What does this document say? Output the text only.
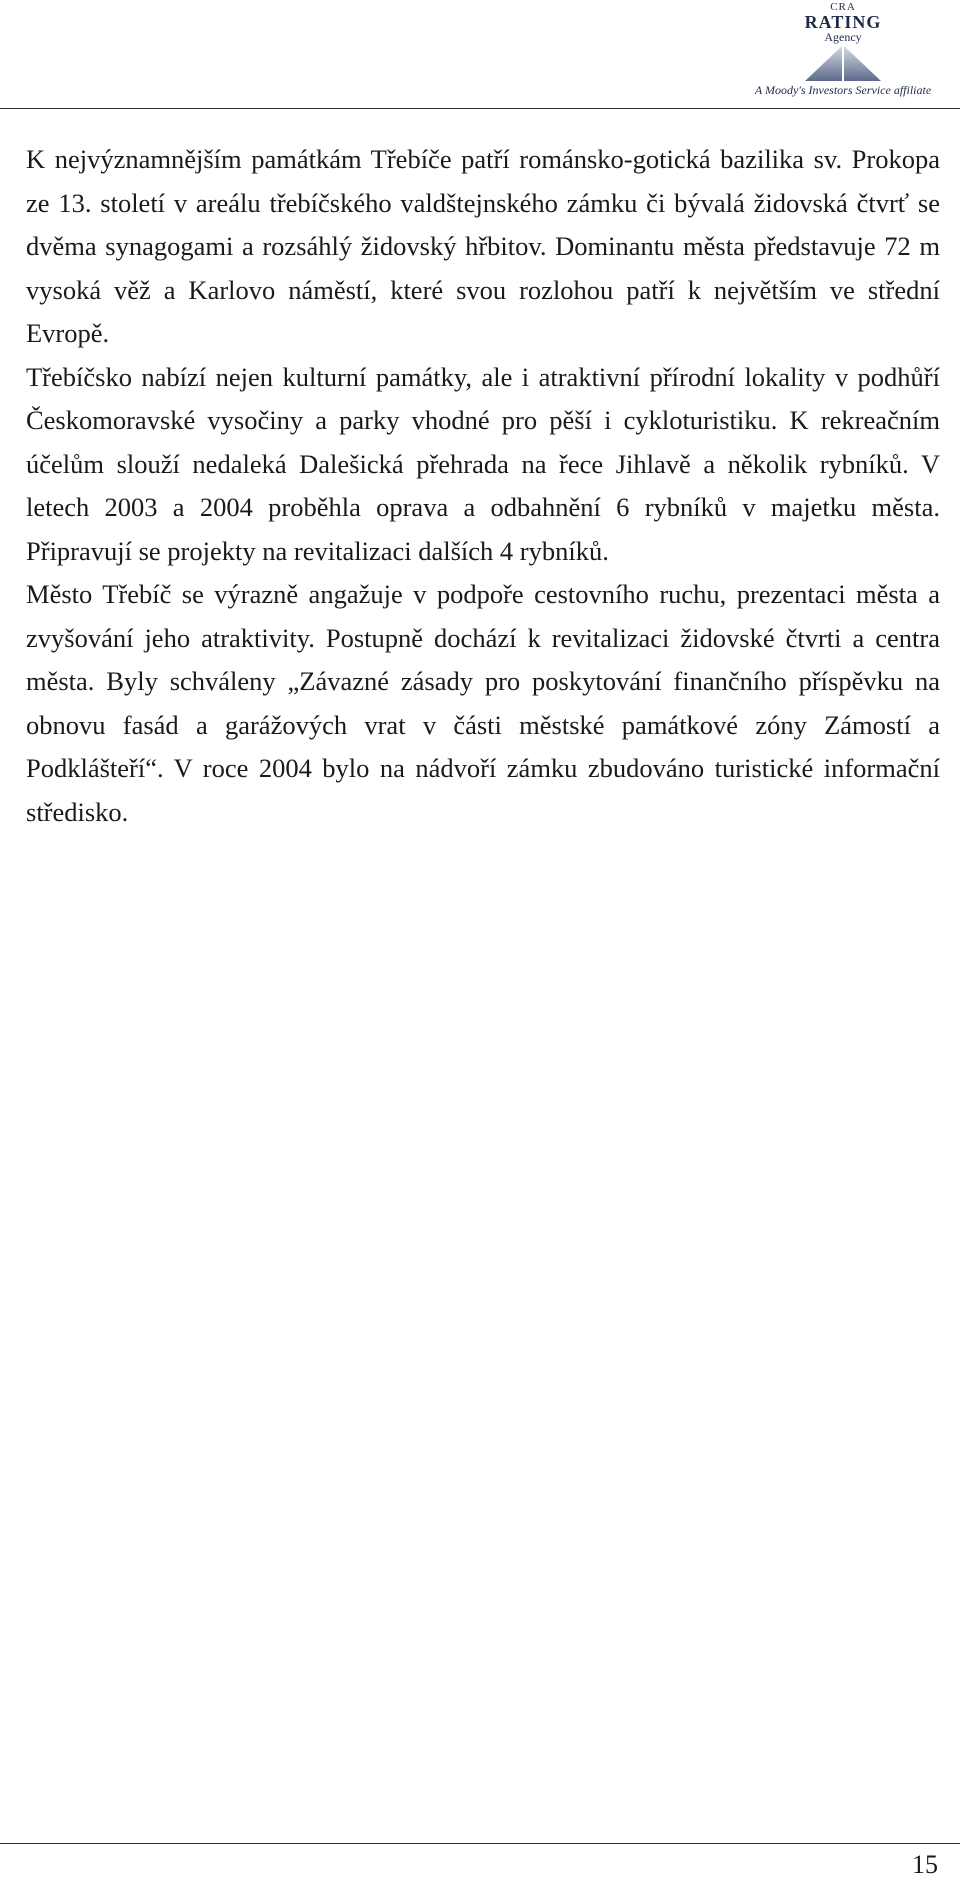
CRA
RATING
Agency
A Moody's Investors Service affiliate

K nejvýznamnějším památkám Třebíče patří románsko-gotická bazilika sv. Prokopa ze 13. století v areálu třebíčského valdštejnského zámku či bývalá židovská čtvrť se dvěma synagogami a rozsáhlý židovský hřbitov. Dominantu města představuje 72 m vysoká věž a Karlovo náměstí, které svou rozlohou patří k největším ve střední Evropě.

Třebíčsko nabízí nejen kulturní památky, ale i atraktivní přírodní lokality v podhůří Českomoravské vysočiny a parky vhodné pro pěší i cykloturistiku. K rekreačním účelům slouží nedaleká Dalešická přehrada na řece Jihlavě a několik rybníků. V letech 2003 a 2004 proběhla oprava a odbahnění 6 rybníků v majetku města. Připravují se projekty na revitalizaci dalších 4 rybníků.

Město Třebíč se výrazně angažuje v podpoře cestovního ruchu, prezentaci města a zvyšování jeho atraktivity. Postupně dochází k revitalizaci židovské čtvrti a centra města. Byly schváleny „Závazné zásady pro poskytování finančního příspěvku na obnovu fasád a garážových vrat v části městské památkové zóny Zámostí a Podklášteří“. V roce 2004 bylo na nádvoří zámku zbudováno turistické informační středisko.

15
